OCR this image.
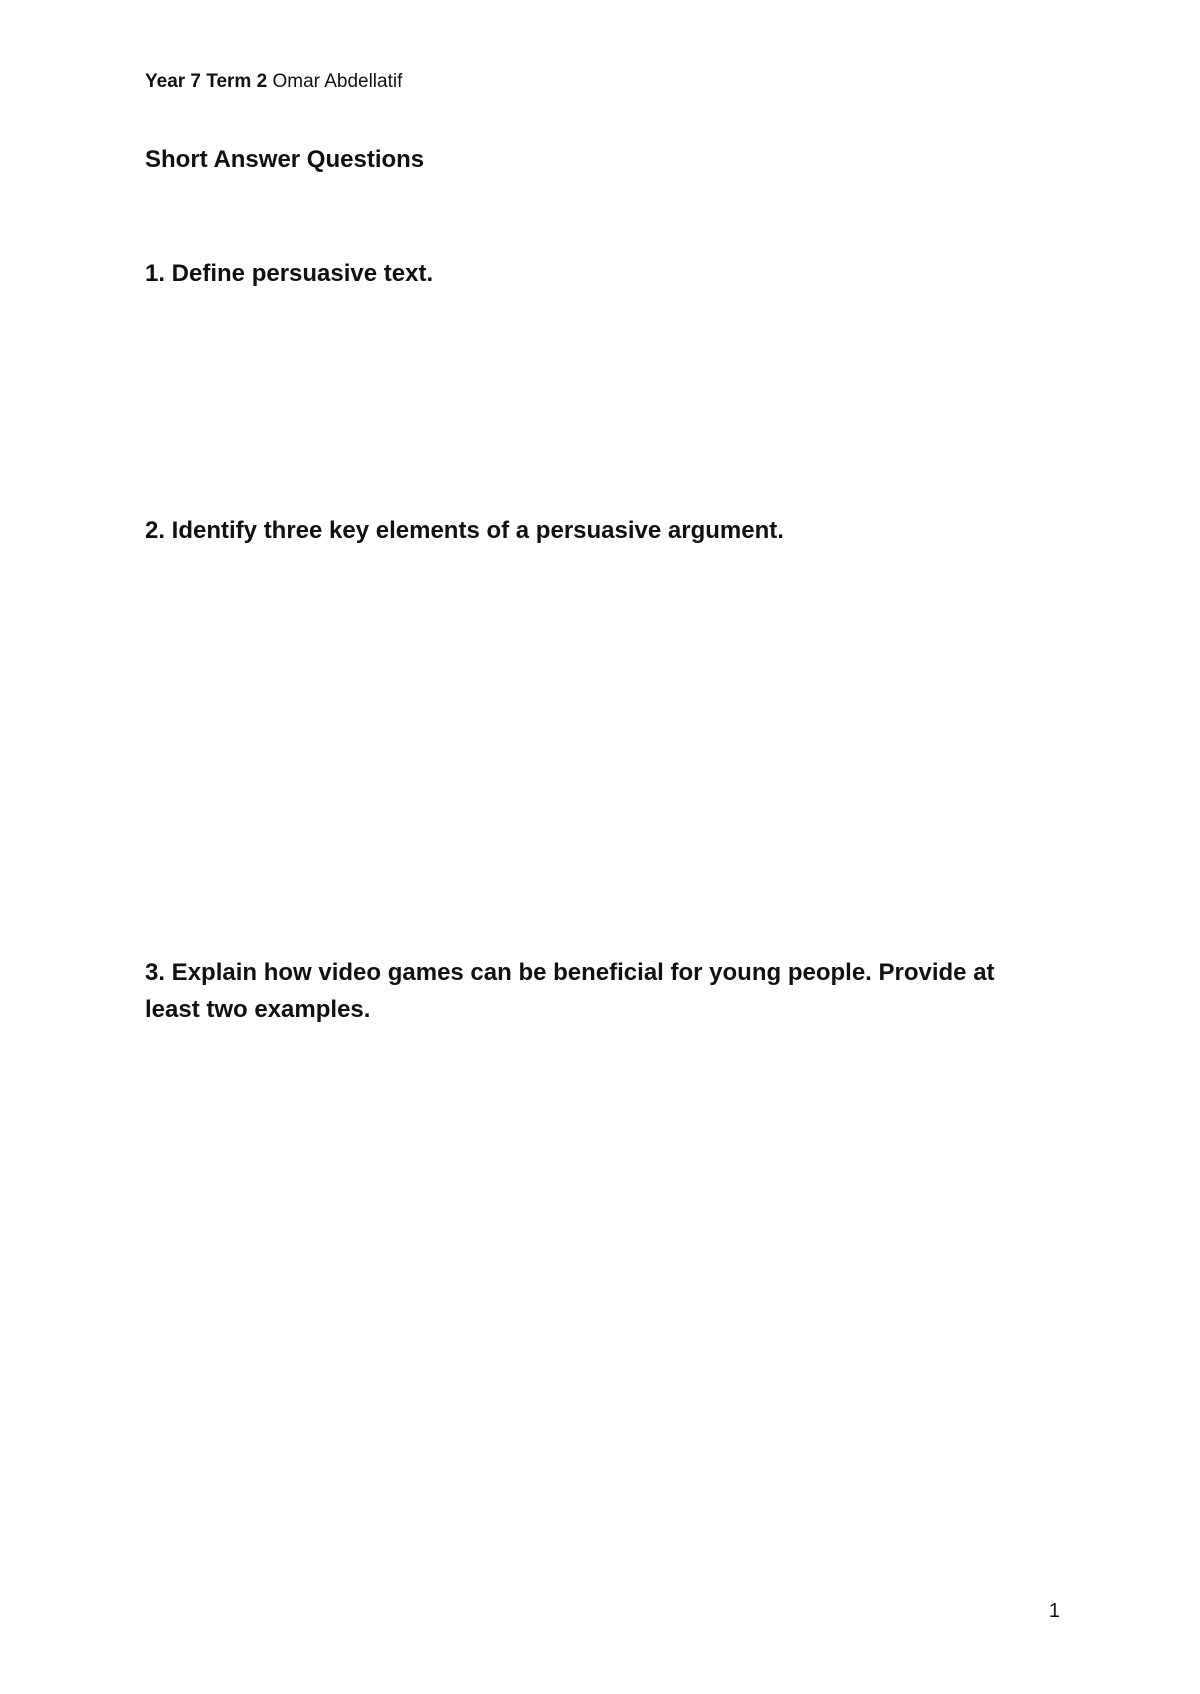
Year 7 Term 2 Omar Abdellatif
Short Answer Questions
1. Define persuasive text.
2. Identify three key elements of a persuasive argument.
3. Explain how video games can be beneficial for young people. Provide at least two examples.
1
